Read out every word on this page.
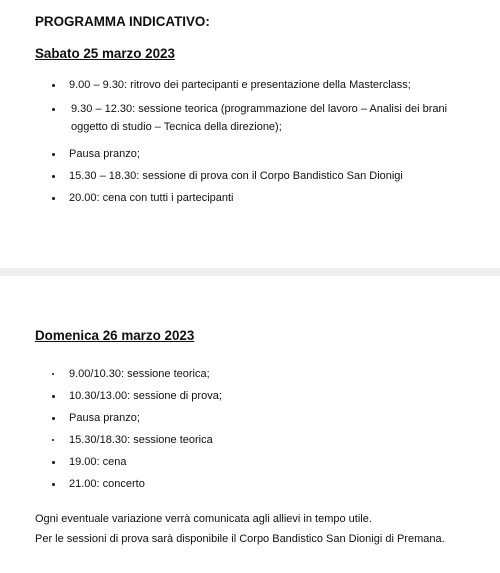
PROGRAMMA INDICATIVO:
Sabato 25 marzo 2023
9.00 – 9.30: ritrovo dei partecipanti e presentazione della Masterclass;
9.30 – 12.30: sessione teorica (programmazione del lavoro – Analisi dei brani oggetto di studio – Tecnica della direzione);
Pausa pranzo;
15.30 – 18.30: sessione di prova con il Corpo Bandistico San Dionigi
20.00: cena con tutti i partecipanti
Domenica 26 marzo 2023
9.00/10.30: sessione teorica;
10.30/13.00: sessione di prova;
Pausa pranzo;
15.30/18.30: sessione teorica
19.00: cena
21.00: concerto
Ogni eventuale variazione verrà comunicata agli allievi in tempo utile.
Per le sessioni di prova sarà disponibile il Corpo Bandistico San Dionigi di Premana.
